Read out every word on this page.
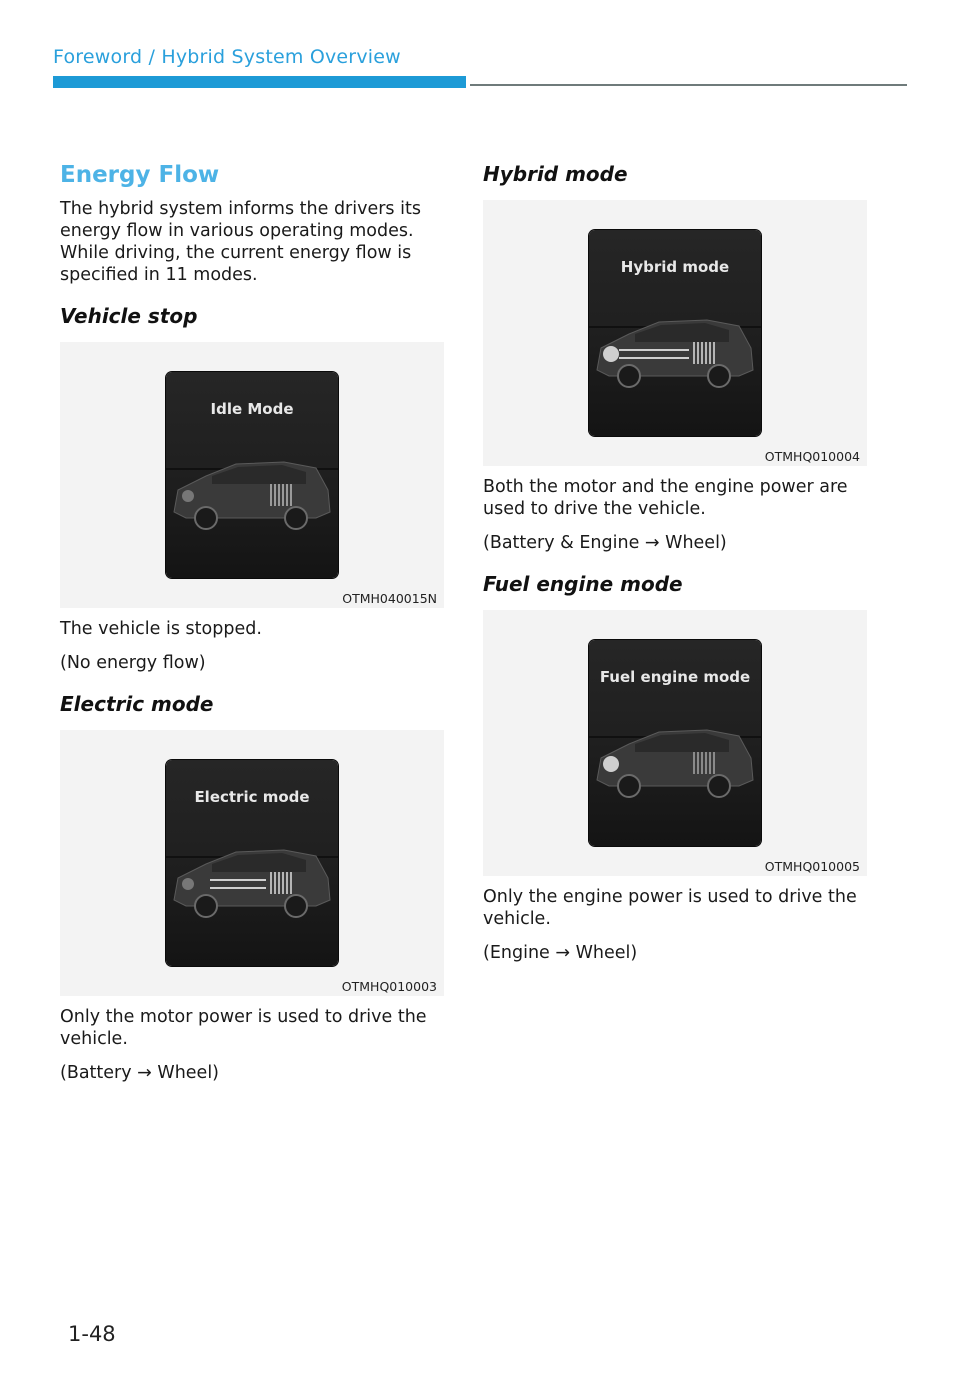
Foreword / Hybrid System Overview
Energy Flow
The hybrid system informs the drivers its energy flow in various operating modes. While driving, the current energy flow is specified in 11 modes.
Vehicle stop
Idle Mode
OTMH040015N
The vehicle is stopped.
(No energy flow)
Electric mode
Electric mode
OTMHQ010003
Only the motor power is used to drive the vehicle.
(Battery → Wheel)
Hybrid mode
Hybrid mode
OTMHQ010004
Both the motor and the engine power are used to drive the vehicle.
(Battery & Engine → Wheel)
Fuel engine mode
Fuel engine mode
OTMHQ010005
Only the engine power is used to drive the vehicle.
(Engine → Wheel)
1-48
